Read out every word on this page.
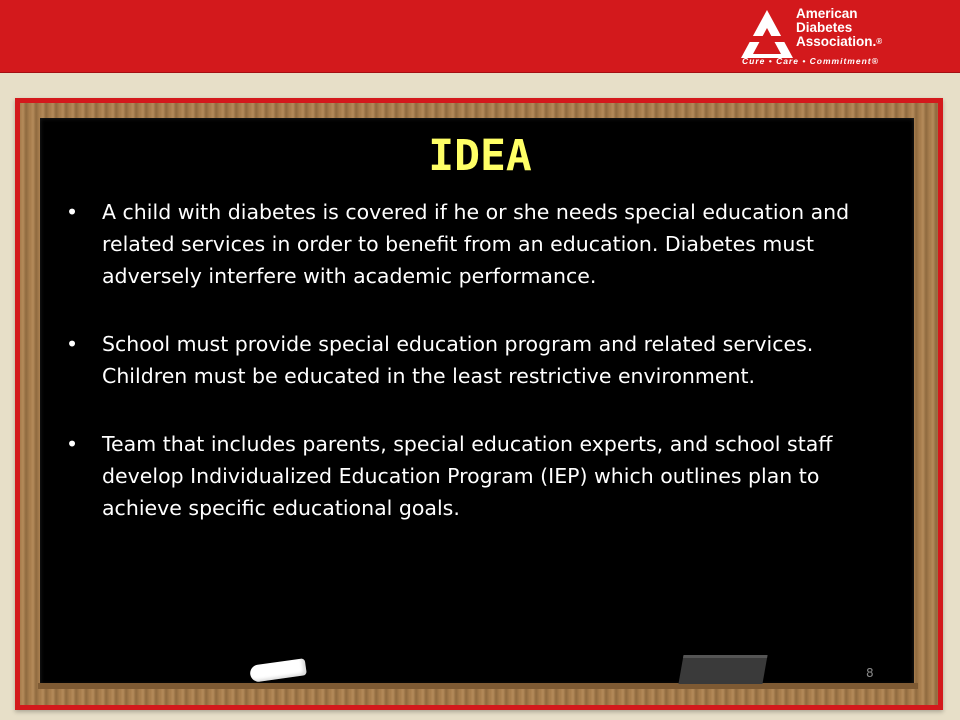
American
Diabetes
Association.®
Cure • Care • Commitment®
IDEA
• A child with diabetes is covered if he or she needs special education and related services in order to benefit from an education. Diabetes must adversely interfere with academic performance.
• School must provide special education program and related services. Children must be educated in the least restrictive environment.
• Team that includes parents, special education experts, and school staff develop Individualized Education Program (IEP) which outlines plan to achieve specific educational goals.
8
